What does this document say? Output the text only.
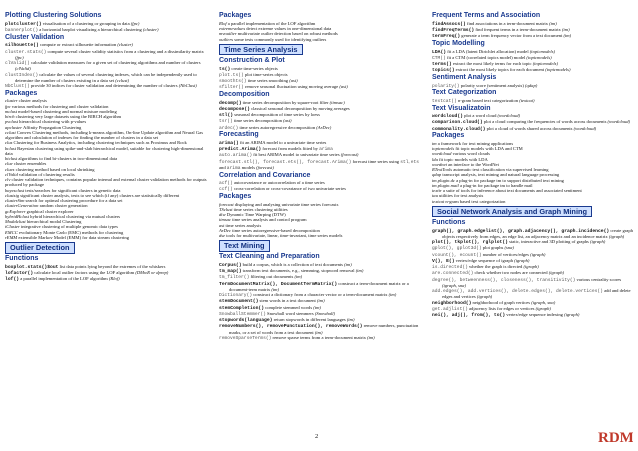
Plotting Clustering Solutions
plotcluster() visualisation of a clustering or grouping in data (fpc)
bannerplot() a horizontal barplot visualizing a hierarchical clustering (cluster)
Cluster Validation
silhouette() compute or extract silhouette information (cluster)
cluster.stats() compute several cluster validity statistics from a clustering and a dissimilarity matrix (fpc)
clValid() calculate validation measures for a given set of clustering algorithms and number of clusters (clValid)
clustIndex() calculate the values of several clustering indexes, which can be independently used to determine the number of clusters existing in a data set (cclust)
NbClust() provide 30 indices for cluster validation and determining the number of clusters (NbClust)
Packages
cluster cluster analysis
fpc various methods for clustering and cluster validation
mclust model-based clustering and normal mixture modeling
birch clustering very large datasets using the BIRCH algorithm
pvclust hierarchical clustering with p-values
apcluster Affinity Propagation Clustering
cclust Convex Clustering methods, including k-means algorithm, On-line Update algorithm and Neural Gas algorithm and calculation of indexes for finding the number of clusters in a data set
clus Clustering for Business Analytics, including clustering techniques such as Proximus and Rock
bclust Bayesian clustering using spike-and-slab hierarchical model, suitable for clustering high-dimensional data
biclust algorithms to find bi-clusters in two-dimensional data
clue cluster ensembles
clues clustering method based on local shrinking
clValid validation of clustering results
clv cluster validation techniques, contains popular internal and external cluster validation methods for outputs produced by package
bayesclust tests/searches for significant clusters in genetic data
clustsig significant cluster analysis, tests to see which (if any) clusters are statistically different
clusterSim search for optimal clustering procedure for a data set
clusterGeneration random cluster generation
gcExplorer graphical cluster explorer
hybridHclust hybrid hierarchical clustering via mutual clusters
Modalclust hierarchical modal Clustering
iCluster integrative clustering of multiple genomic data types
EMCC evolutionary Monte Carlo (EMC) methods for clustering
rEMM extensible Markov Model (EMM) for data stream clustering
Outlier Detection
Functions
boxplot.stats()$out list data points lying beyond the extremes of the whiskers
lofactor() calculate local outlier factors using the LOF algorithm (DMwR or dprep)
lof() a parallel implementation of the LOF algorithm (Rlof)
Packages
Rlof a parallel implementation of the LOF algorithm
extremevalues detect extreme values in one-dimensional data
mvoutlier multivariate outlier detection based on robust methods
outliers some tests commonly used for identifying outliers
Time Series Analysis
Construction & Plot
ts() create time-series objects
plot.ts() plot time-series objects
smoothts() time series smoothing (ast)
sfilter() remove seasonal fluctuation using moving average (ast)
Decomposition
decomp() time series decomposition by square-root filter (timsac)
decompose() classical seasonal decomposition by moving averages
stl() seasonal decomposition of time series by loess
tsr() time series decomposition (ast)
ardec() time series autoregressive decomposition (ArDec)
Forecasting
arima() fit an ARIMA model to a univariate time series
predict.Arima() forecast from models fitted by arima
auto.arima() fit best ARIMA model to univariate time series (forecast)
forecast.stl(), forecast.ets(), forecast.Arima() forecast time series using stl, ets and arima models (forecast)
Correlation and Covariance
acf() autocovariance or autocorrelation of a time series
ccf() cross-correlation or cross-covariance of two univariate series
Packages
forecast displaying and analysing univariate time series forecasts
TSclust time series clustering utilities
dtw Dynamic Time Warping (DTW)
timsac time series analysis and control program
ast time series analysis
ArDec time series autoregressive-based decomposition
dse tools for multivariate, linear, time-invariant, time series models
Text Mining
Text Cleaning and Preparation
Corpus() build a corpus, which is a collection of text documents (tm)
tm_map() transform text documents, e.g., stemming, stopword removal (tm)
tm_filter() filtering out documents (tm)
TermDocumentMatrix(), DocumentTermMatrix() construct a term-document matrix or a document-term matrix (tm)
Dictionary() construct a dictionary from a character vector or a term-document matrix (tm)
stemDocument() stem words in a text document (tm)
stemCompletion() complete stemmed words (tm)
SnowballStemmer() Snowball word stemmers (Snowball)
stopwords(language) return stopwords in different languages (tm)
removeNumbers(), removePunctuation(), removeWords() remove numbers, punctuation marks, or a set of words from a text document (tm)
removeSparseTerms() remove sparse terms from a term-document matrix (tm)
Frequent Terms and Association
findAssocs() find associations in a term-document matrix (tm)
findFreqTerms() find frequent terms in a term-document matrix (tm)
termFreq() generate a term frequency vector from a text document (tm)
Topic Modelling
LDA() fit a LDA (latent Dirichlet allocation) model (topicmodels)
CTM() fit a CTM (correlated topics model) model (topicmodels)
terms() extract the most likely terms for each topic (topicmodels)
topics() extract the most likely topics for each document (topicmodels)
Sentiment Analysis
polarity() polarity score (sentiment analysis) (qdap)
Text Categorization
textcat() n-gram based text categorization (textcat)
Text Visualizatoin
wordcloud() plot a word cloud (wordcloud)
comparison.cloud() plot a cloud comparing the frequencies of words across documents (wordcloud)
commonality.cloud() plot a cloud of words shared across documents (wordcloud)
Packages
tm a framework for text mining applications
topicmodels fit topic models with LDA and CTM
wordcloud various word clouds
lda fit topic models with LDA
wordnet an interface to the WordNet
RTextTools automatic text classification via supervised learning
qdap transcript analysis, text mining and natural language processing
tm.plugin.dc a plug-in for package tm to support distributed text mining
tm.plugin.mail a plug-in for package tm to handle mail
textir a suite of tools for inference about text documents and associated sentiment
tau utilities for text analysis
textcat n-gram based text categorization
Social Network Analysis and Graph Mining
Functions
graph(), graph.edgelist(), graph.adjacency(), graph.incidence() create graph objects respectively from edges, an edge list, an adjacency matrix and an incidence matrix (igraph)
plot(), tkplot(), rglplot() static, interactive and 3D plotting of graphs (igraph)
gplot(), gplot3d() plot graphs (sna)
vcount(), ecount() number of vertices/edges (igraph)
V(), E() vertex/edge sequence of igraph (igraph)
is.directed() whether the graph is directed (igraph)
are.connected() check whether two nodes are connected (igraph)
degree(), betweenness(), closeness(), transitivity() various centrality scores (igraph, sna)
add.edges(), add.vertices(), delete.edges(), delete.vertices() add and delete edges and vertices (igraph)
neighborhood() neighborhood of graph vertices (igraph, sna)
get.adjlist() adjacency lists for edges or vertices (igraph)
nei(), adj(), from(), to() vertex/edge sequence indexing (igraph)
2	RDM
